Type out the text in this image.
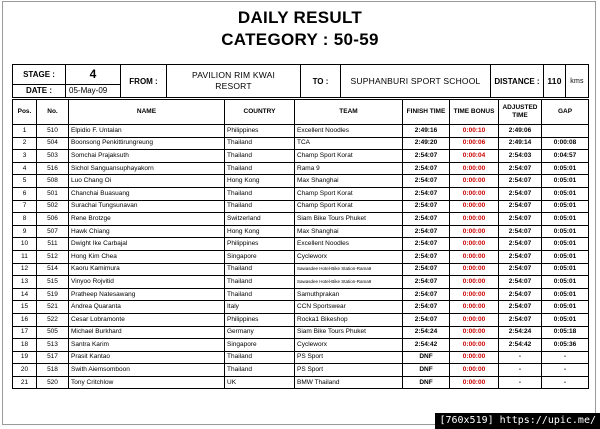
DAILY RESULT
CATEGORY : 50-59
STAGE :	4	FROM :	PAVILION RIM KWAI
RESORT	TO :	SUPHANBURI SPORT SCHOOL	DISTANCE :	110	kms
DATE :	05-May-09							
Pos.	No.	NAME	COUNTRY	TEAM	FINISH TIME	TIME BONUS	ADJUSTED TIME	GAP
1	510	Elpidio F. Untalan	Philippines	Excellent Noodles	2:49:16	0:00:10	2:49:06	
2	504	Boonsong Penkittirungreung	Thailand	TCA	2:49:20	0:00:06	2:49:14	0:00:08
3	503	Somchai Prajaksuth	Thailand	Champ Sport Korat	2:54:07	0:00:04	2:54:03	0:04:57
4	516	Sichol Sanguansuphayakorn	Thailand	Rama 9	2:54:07	0:00:00	2:54:07	0:05:01
5	508	Luo Chang Oi	Hong Kong	Max Shanghai	2:54:07	0:00:00	2:54:07	0:05:01
6	501	Chanchai Buasuang	Thailand	Champ Sport Korat	2:54:07	0:00:00	2:54:07	0:05:01
7	502	Surachai Tungsunavan	Thailand	Champ Sport Korat	2:54:07	0:00:00	2:54:07	0:05:01
8	506	Rene Brotzge	Switzerland	Siam Bike Tours Phuket	2:54:07	0:00:00	2:54:07	0:05:01
9	507	Hawk Chiang	Hong Kong	Max Shanghai	2:54:07	0:00:00	2:54:07	0:05:01
10	511	Dwight Ike Carbajal	Philippines	Excellent Noodles	2:54:07	0:00:00	2:54:07	0:05:01
11	512	Hong Kim Chea	Singapore	Cycleworx	2:54:07	0:00:00	2:54:07	0:05:01
12	514	Kaoru Kamimura	Thailand	Sawasdee Hotel-Bike Station-Rama9	2:54:07	0:00:00	2:54:07	0:05:01
13	515	Vinyoo Rojvitid	Thailand	Sawasdee Hotel-Bike Station-Rama9	2:54:07	0:00:00	2:54:07	0:05:01
14	519	Pratheep Natesawang	Thailand	Samuthprakan	2:54:07	0:00:00	2:54:07	0:05:01
15	521	Andrea Quaranta	Italy	CCN Sportswear	2:54:07	0:00:00	2:54:07	0:05:01
16	522	Cesar Lobramonte	Philippines	Rocka1 Bikeshop	2:54:07	0:00:00	2:54:07	0:05:01
17	505	Michael Burkhard	Germany	Siam Bike Tours Phuket	2:54:24	0:00:00	2:54:24	0:05:18
18	513	Santra Karim	Singapore	Cycleworx	2:54:42	0:00:00	2:54:42	0:05:36
19	517	Prasit Kantao	Thailand	PS Sport	DNF	0:00:00	-	-
20	518	Swith Aiemsomboon	Thailand	PS Sport	DNF	0:00:00	-	-
21	520	Tony Critchlow	UK	BMW Thailand	DNF	0:00:00	-	-
[760x519] https://upic.me/
